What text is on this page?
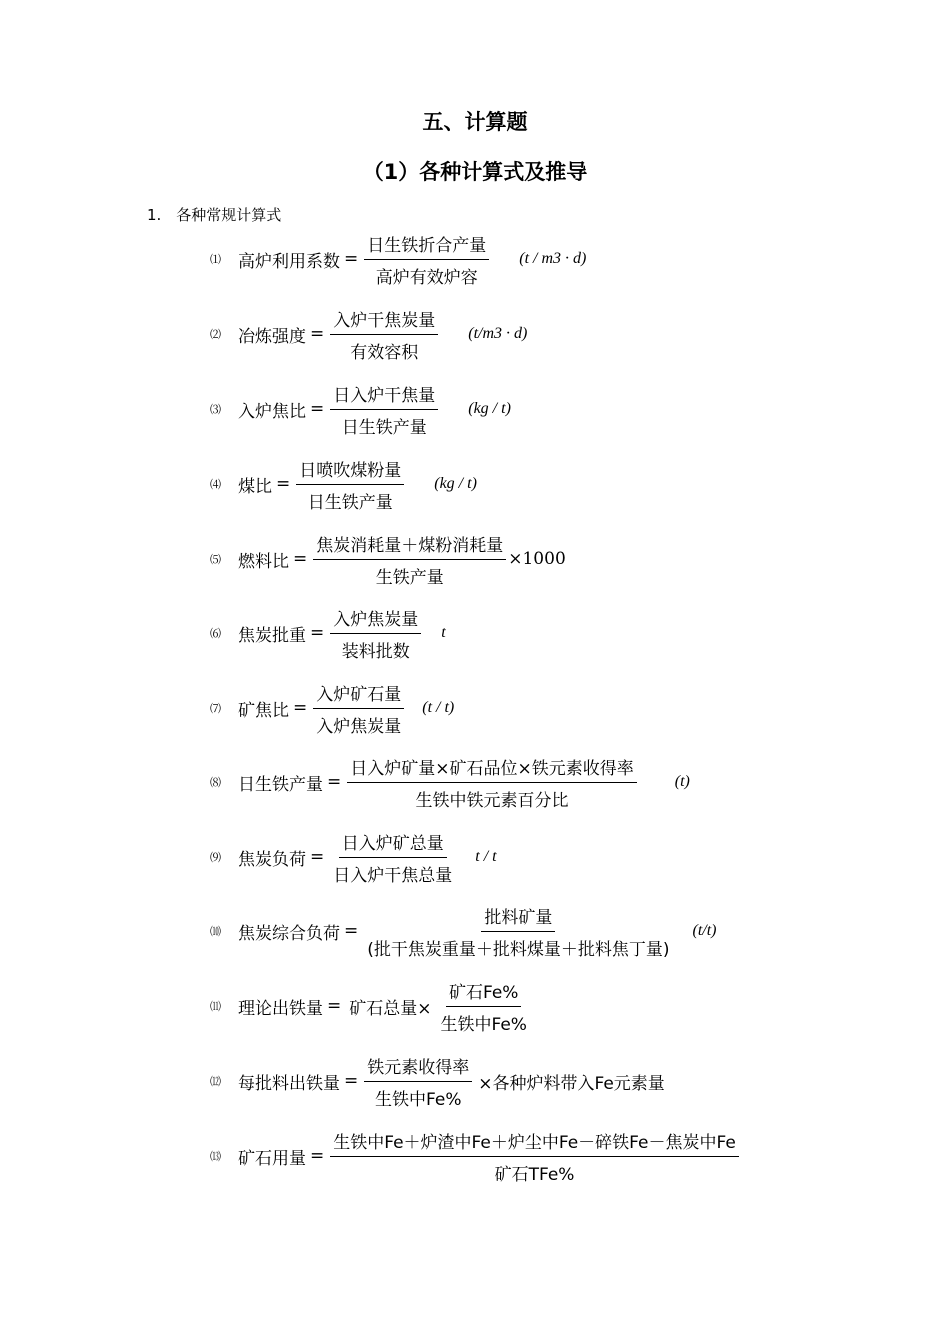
五、计算题
（1）各种计算式及推导
1.　各种常规计算式
⑴	高炉利用系数 = $\frac{\text{日生铁折合产量}}{\text{高炉有效炉容}} (t / m3 \cdot d)$
⑵	冶炼强度 = $\frac{\text{入炉干焦炭量}}{\text{有效容积}} (t/m3 \cdot d)$
⑶	入炉焦比 = $\frac{\text{日入炉干焦量}}{\text{日生铁产量}} (kg / t)$
⑷	煤比 = $\frac{\text{日喷吹煤粉量}}{\text{日生铁产量}} (kg / t)$
⑸	燃料比 = $\frac{\text{焦炭消耗量＋煤粉消耗量}}{\text{生铁产量}} \times 1000$
⑹	焦炭批重 = $\frac{\text{入炉焦炭量}}{\text{装料批数}}$ t
⑺	矿焦比 = $\frac{\text{入炉矿石量}}{\text{入炉焦炭量}} (t / t)$
⑻	日生铁产量 = $\frac{\text{日入炉矿量×矿石品位×铁元素收得率}}{\text{生铁中铁元素百分比}} (t)$
⑼	焦炭负荷 = $\frac{\text{日入炉矿总量}}{\text{日入炉干焦总量}}$ t / t
⑽	焦炭综合负荷 = $\frac{\text{批料矿量}}{\text{(批干焦炭重量＋批料煤量＋批料焦丁量)}} (t/t)$
⑾	理论出铁量 = 矿石总量× $\frac{\text{矿石Fe\%}}{\text{生铁中Fe\%}}$
⑿	每批料出铁量 = $\frac{\text{铁元素收得率}}{\text{生铁中Fe\%}}$ ×各种炉料带入Fe元素量
⒀	矿石用量 = $\frac{\text{生铁中Fe＋炉渣中Fe＋炉尘中Fe－碎铁Fe－焦炭中Fe}}{\text{矿石TFe\%}}$
